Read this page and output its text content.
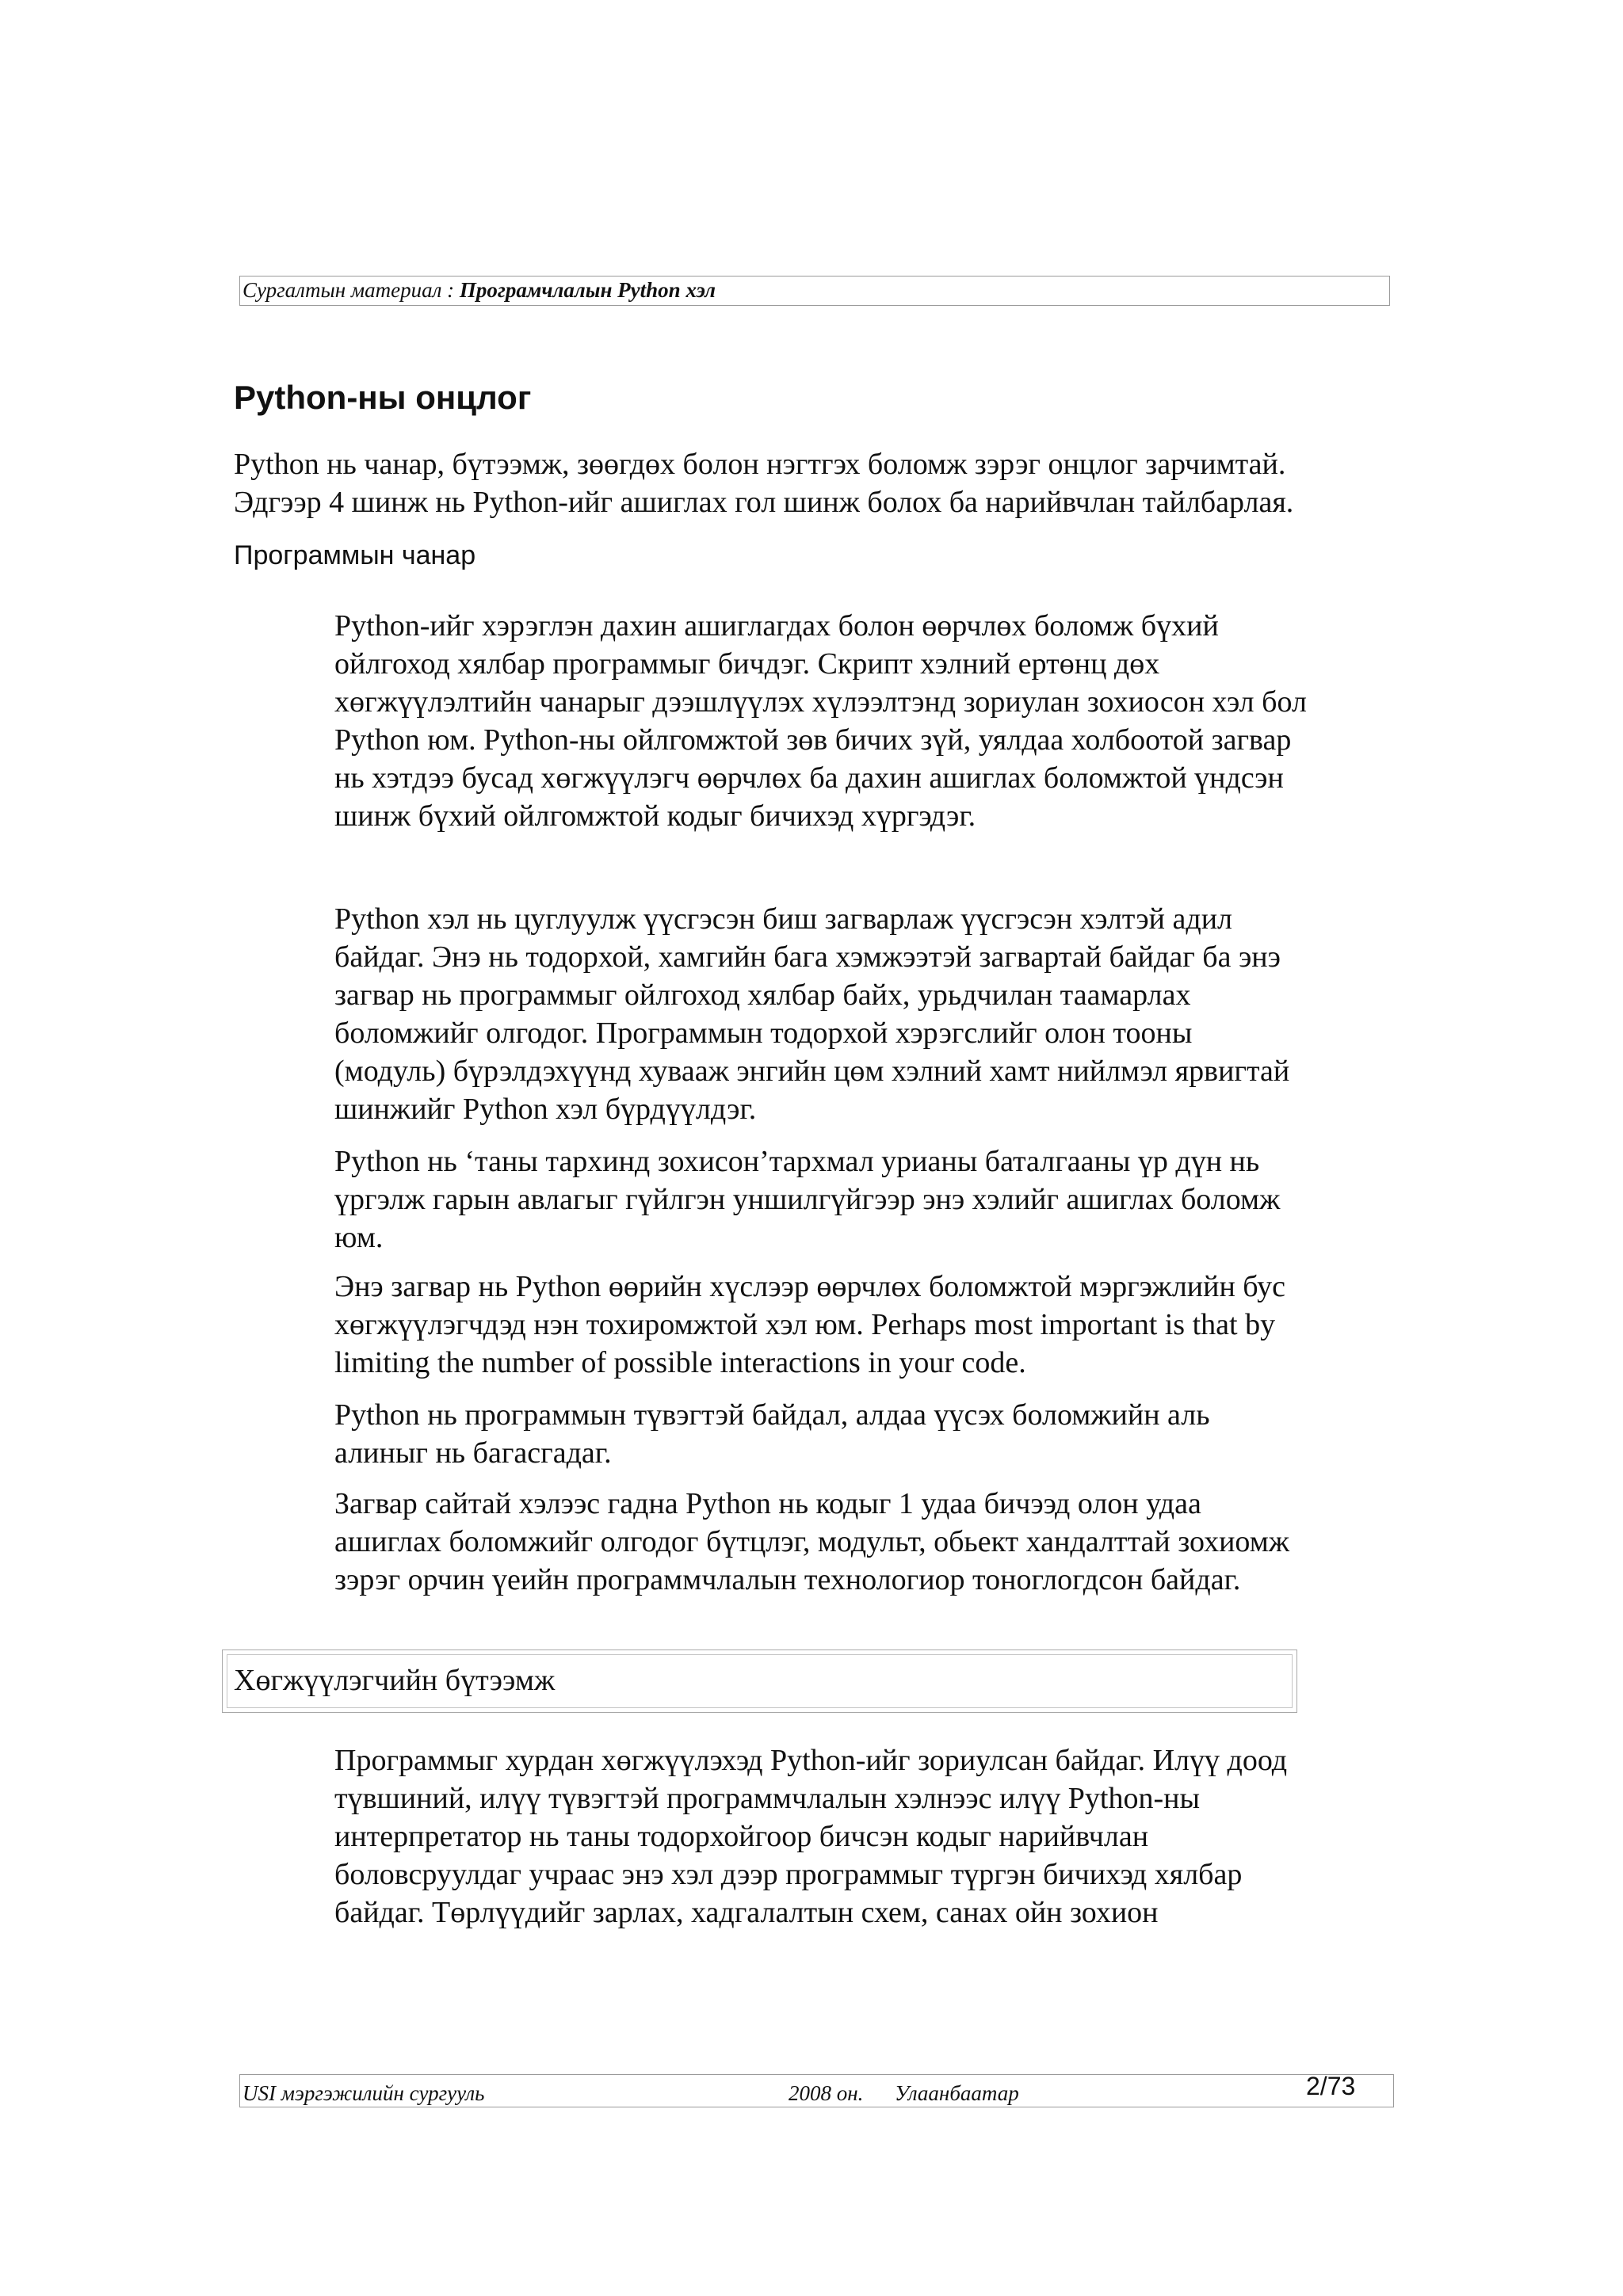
Сургалтын материал : Програмчлалын Python хэл
Python-ны онцлог

Python нь чанар, бүтээмж, зөөгдөх болон нэгтгэх боломж зэрэг онцлог зарчимтай.
Эдгээр 4 шинж нь Python-ийг ашиглах гол шинж болох ба нарийвчлан тайлбарлая.

Программын чанар

Python-ийг хэрэглэн дахин ашиглагдах болон өөрчлөх боломж бүхий
ойлгоход хялбар программыг бичдэг. Скрипт хэлний ертөнц дөх
хөгжүүлэлтийн чанарыг дээшлүүлэх хүлээлтэнд зориулан зохиосон хэл бол
Python юм. Python-ны ойлгомжтой зөв бичих зүй, уялдаа холбоотой загвар
нь хэтдээ бусад хөгжүүлэгч өөрчлөх ба дахин ашиглах боломжтой үндсэн
шинж бүхий ойлгомжтой кодыг бичихэд хүргэдэг.

Python хэл нь цуглуулж үүсгэсэн биш загварлаж үүсгэсэн хэлтэй адил
байдаг. Энэ нь тодорхой, хамгийн бага хэмжээтэй загвартай байдаг ба энэ
загвар нь программыг ойлгоход хялбар байх, урьдчилан таамарлах
боломжийг олгодог. Программын тодорхой хэрэгслийг олон тооны
(модуль) бүрэлдэхүүнд хувааж энгийн цөм хэлний хамт нийлмэл ярвигтай
шинжийг Python хэл бүрдүүлдэг.

Python нь ‘таны тархинд зохисон’тархмал урианы баталгааны үр дүн нь
үргэлж гарын авлагыг гүйлгэн уншилгүйгээр энэ хэлийг ашиглах боломж
юм.

Энэ загвар нь Python өөрийн хүслээр өөрчлөх боломжтой мэргэжлийн бус
хөгжүүлэгчдэд нэн тохиромжтой хэл юм. Perhaps most important is that by
limiting the number of possible interactions in your code.

Python нь программын түвэгтэй байдал, алдаа үүсэх боломжийн аль
алиныг нь багасгадаг.

Загвар сайтай хэлээс гадна Python нь кодыг 1 удаа бичээд олон удаа
ашиглах боломжийг олгодог бүтцлэг, модульт, обьект хандалттай зохиомж
зэрэг орчин үеийн программчлалын технологиор тоноглогдсон байдаг.

Хөгжүүлэгчийн бүтээмж

Программыг хурдан хөгжүүлэхэд Python-ийг зориулсан байдаг. Илүү доод
түвшиний, илүү түвэгтэй программчлалын хэлнээс илүү Python-ны
интерпретатор нь таны тодорхойгоор бичсэн кодыг нарийвчлан
боловсруулдаг учраас энэ хэл дээр программыг түргэн бичихэд хялбар
байдаг. Төрлүүдийг зарлах, хадгалалтын схем, санах ойн зохион

USI мэргэжилийн сургууль	2008 он. Улаанбаатар	2/73
